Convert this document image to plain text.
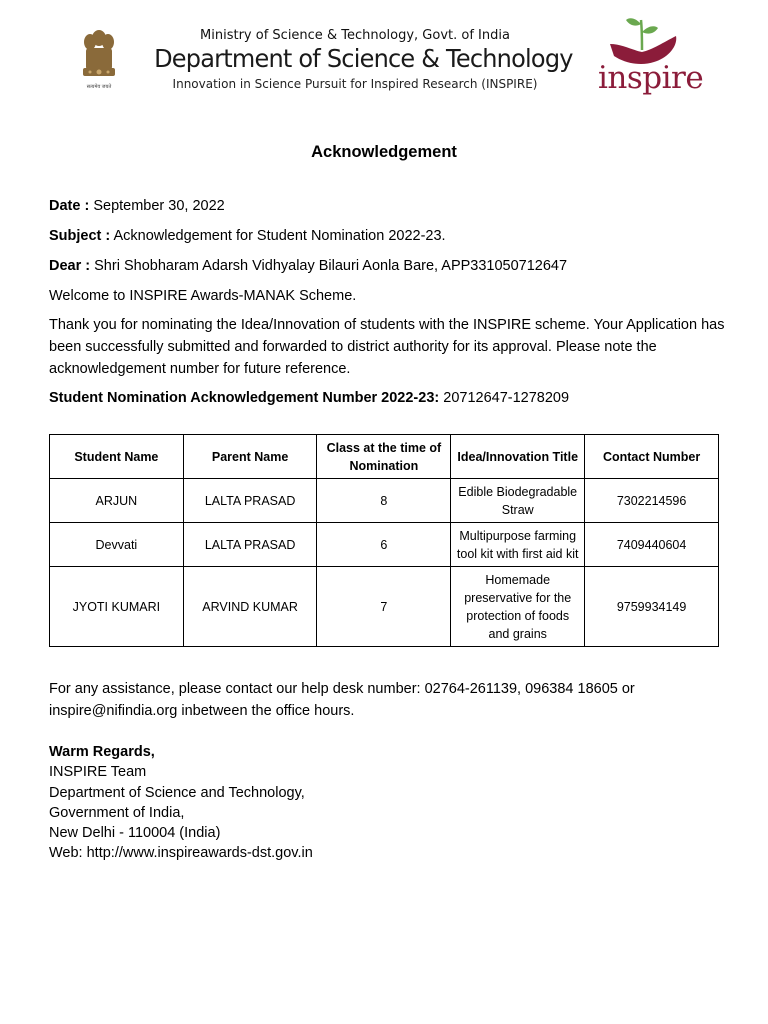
सत्यमेव जयते
Ministry of Science & Technology, Govt. of India
Department of Science & Technology
Innovation in Science Pursuit for Inspired Research (INSPIRE)	inspire
Acknowledgement
Date : September 30, 2022
Subject : Acknowledgement for Student Nomination 2022-23.
Dear : Shri Shobharam Adarsh Vidhyalay Bilauri Aonla Bare, APP331050712647
Welcome to INSPIRE Awards-MANAK Scheme.
Thank you for nominating the Idea/Innovation of students with the INSPIRE scheme. Your Application has been successfully submitted and forwarded to district authority for its approval. Please note the acknowledgement number for future reference.
Student Nomination Acknowledgement Number 2022-23: 20712647-1278209
Student Name	Parent Name	Class at the time of Nomination	Idea/Innovation Title	Contact Number
ARJUN	LALTA PRASAD	8	Edible Biodegradable Straw	7302214596
Devvati	LALTA PRASAD	6	Multipurpose farming tool kit with first aid kit	7409440604
JYOTI KUMARI	ARVIND KUMAR	7	Homemade preservative for the protection of foods and grains	9759934149
For any assistance, please contact our help desk number: 02764-261139, 096384 18605 or inspire@nifindia.org inbetween the office hours.
Warm Regards,
INSPIRE Team
Department of Science and Technology,
Government of India,
New Delhi - 110004 (India)
Web: http://www.inspireawards-dst.gov.in
